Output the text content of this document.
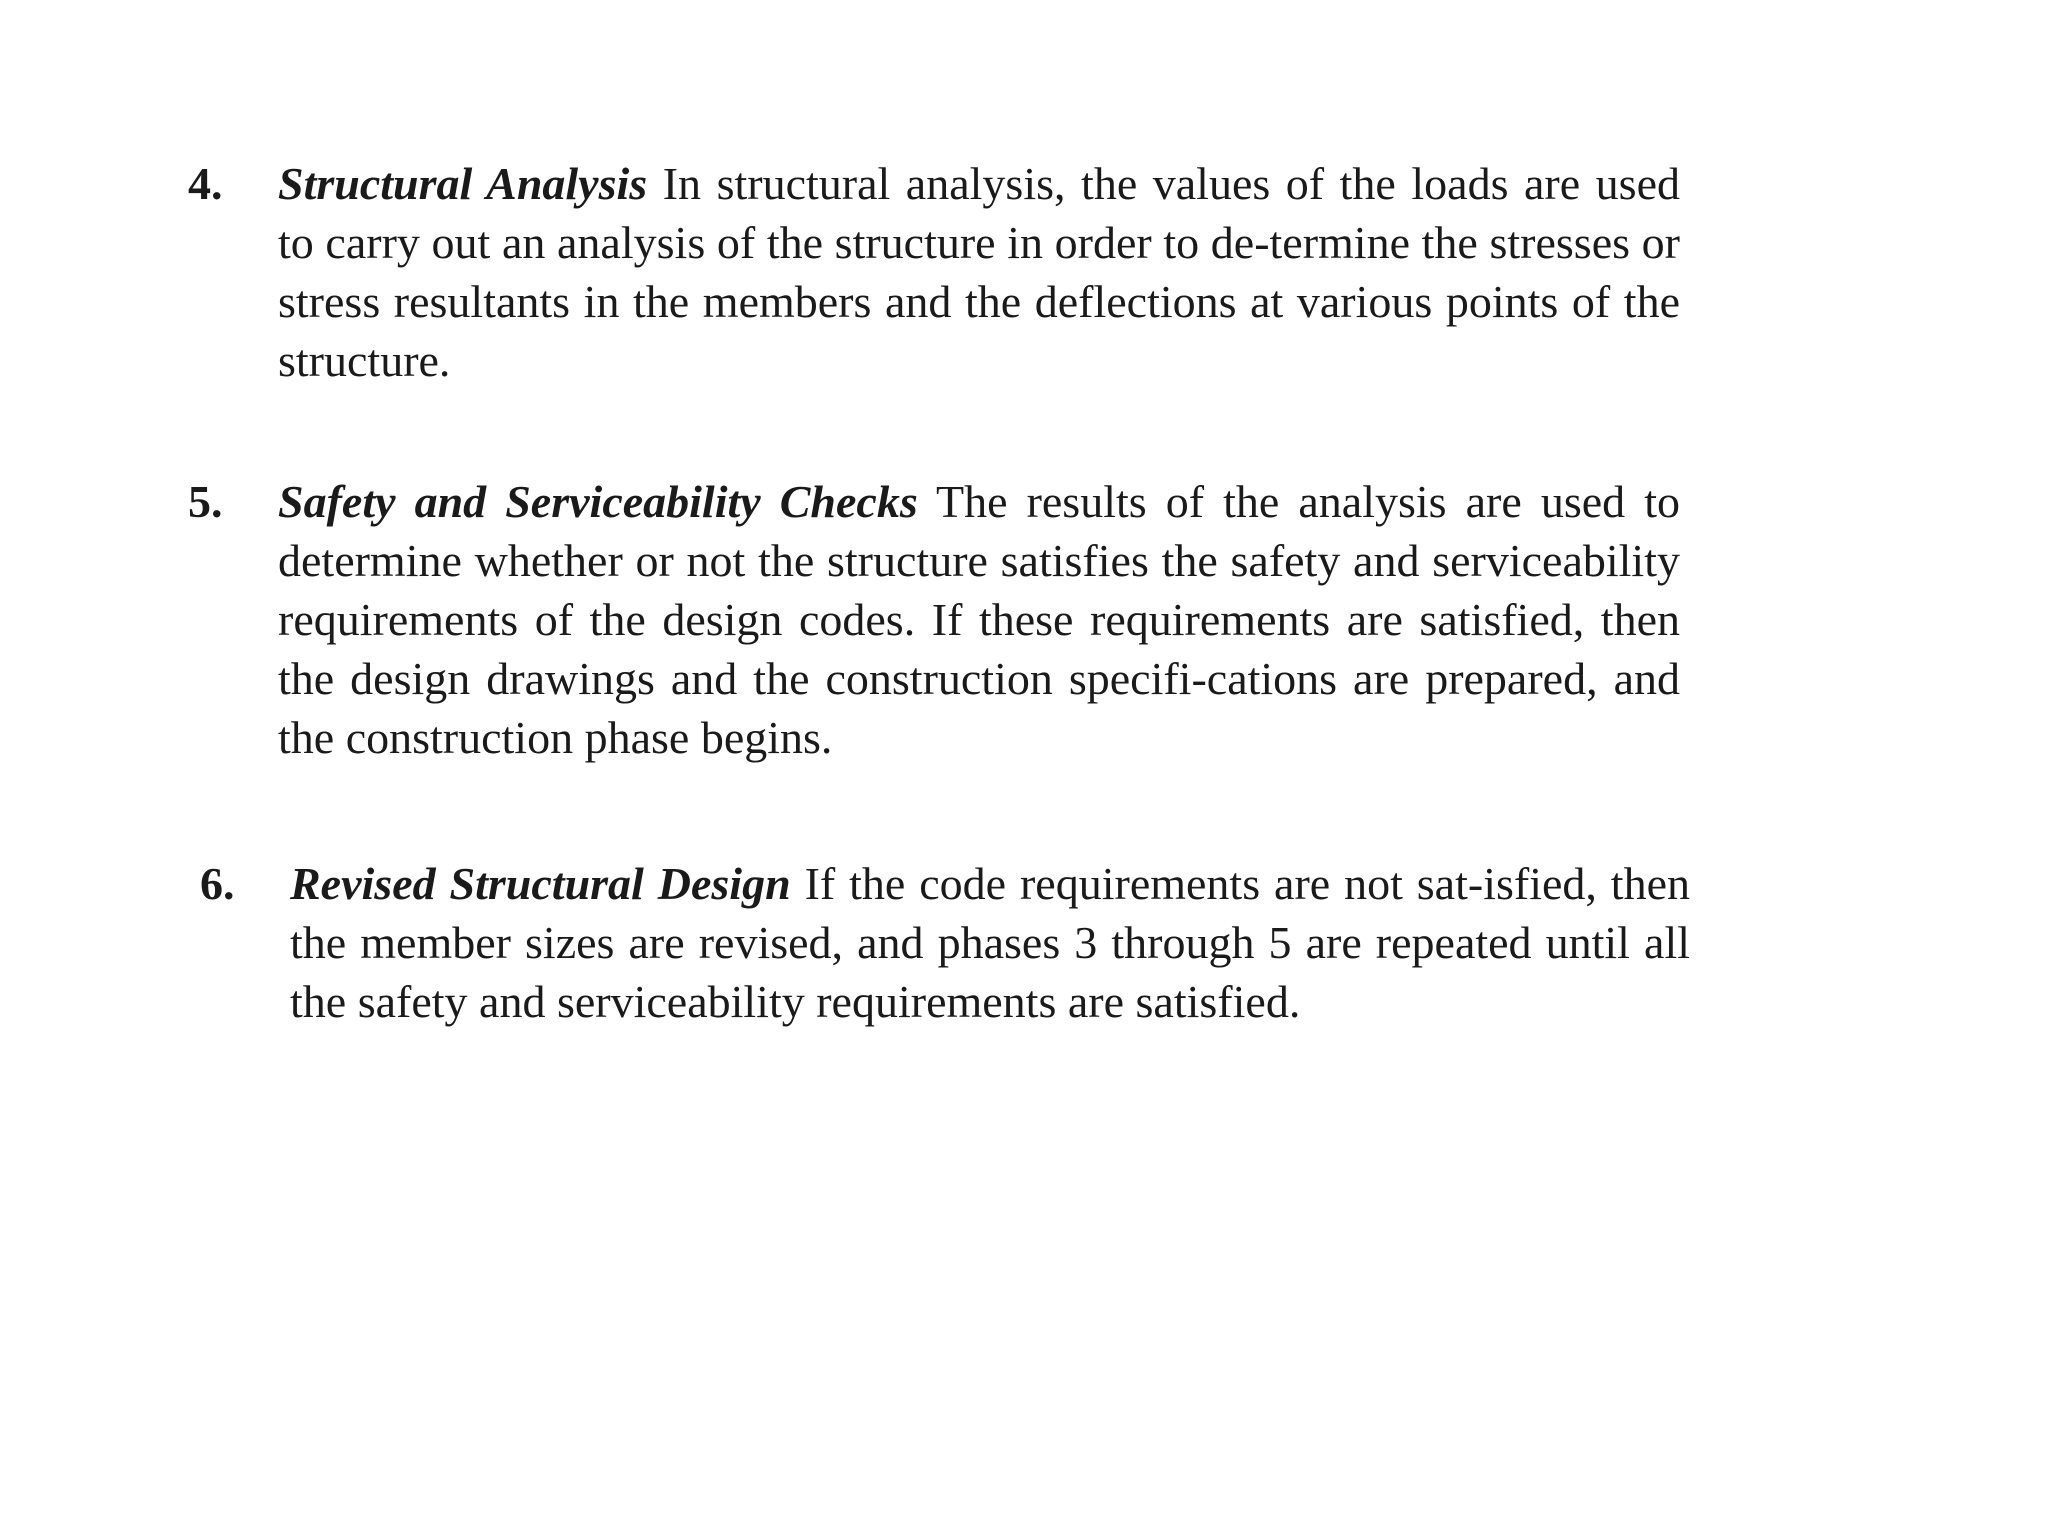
4.	Structural Analysis In structural analysis, the values of the loads are used to carry out an analysis of the structure in order to de-termine the stresses or stress resultants in the members and the deflections at various points of the structure.
5.	Safety and Serviceability Checks The results of the analysis are used to determine whether or not the structure satisfies the safety and serviceability requirements of the design codes. If these requirements are satisfied, then the design drawings and the construction specifi-cations are prepared, and the construction phase begins.
6.	Revised Structural Design If the code requirements are not sat-isfied, then the member sizes are revised, and phases 3 through 5 are repeated until all the safety and serviceability requirements are satisfied.
